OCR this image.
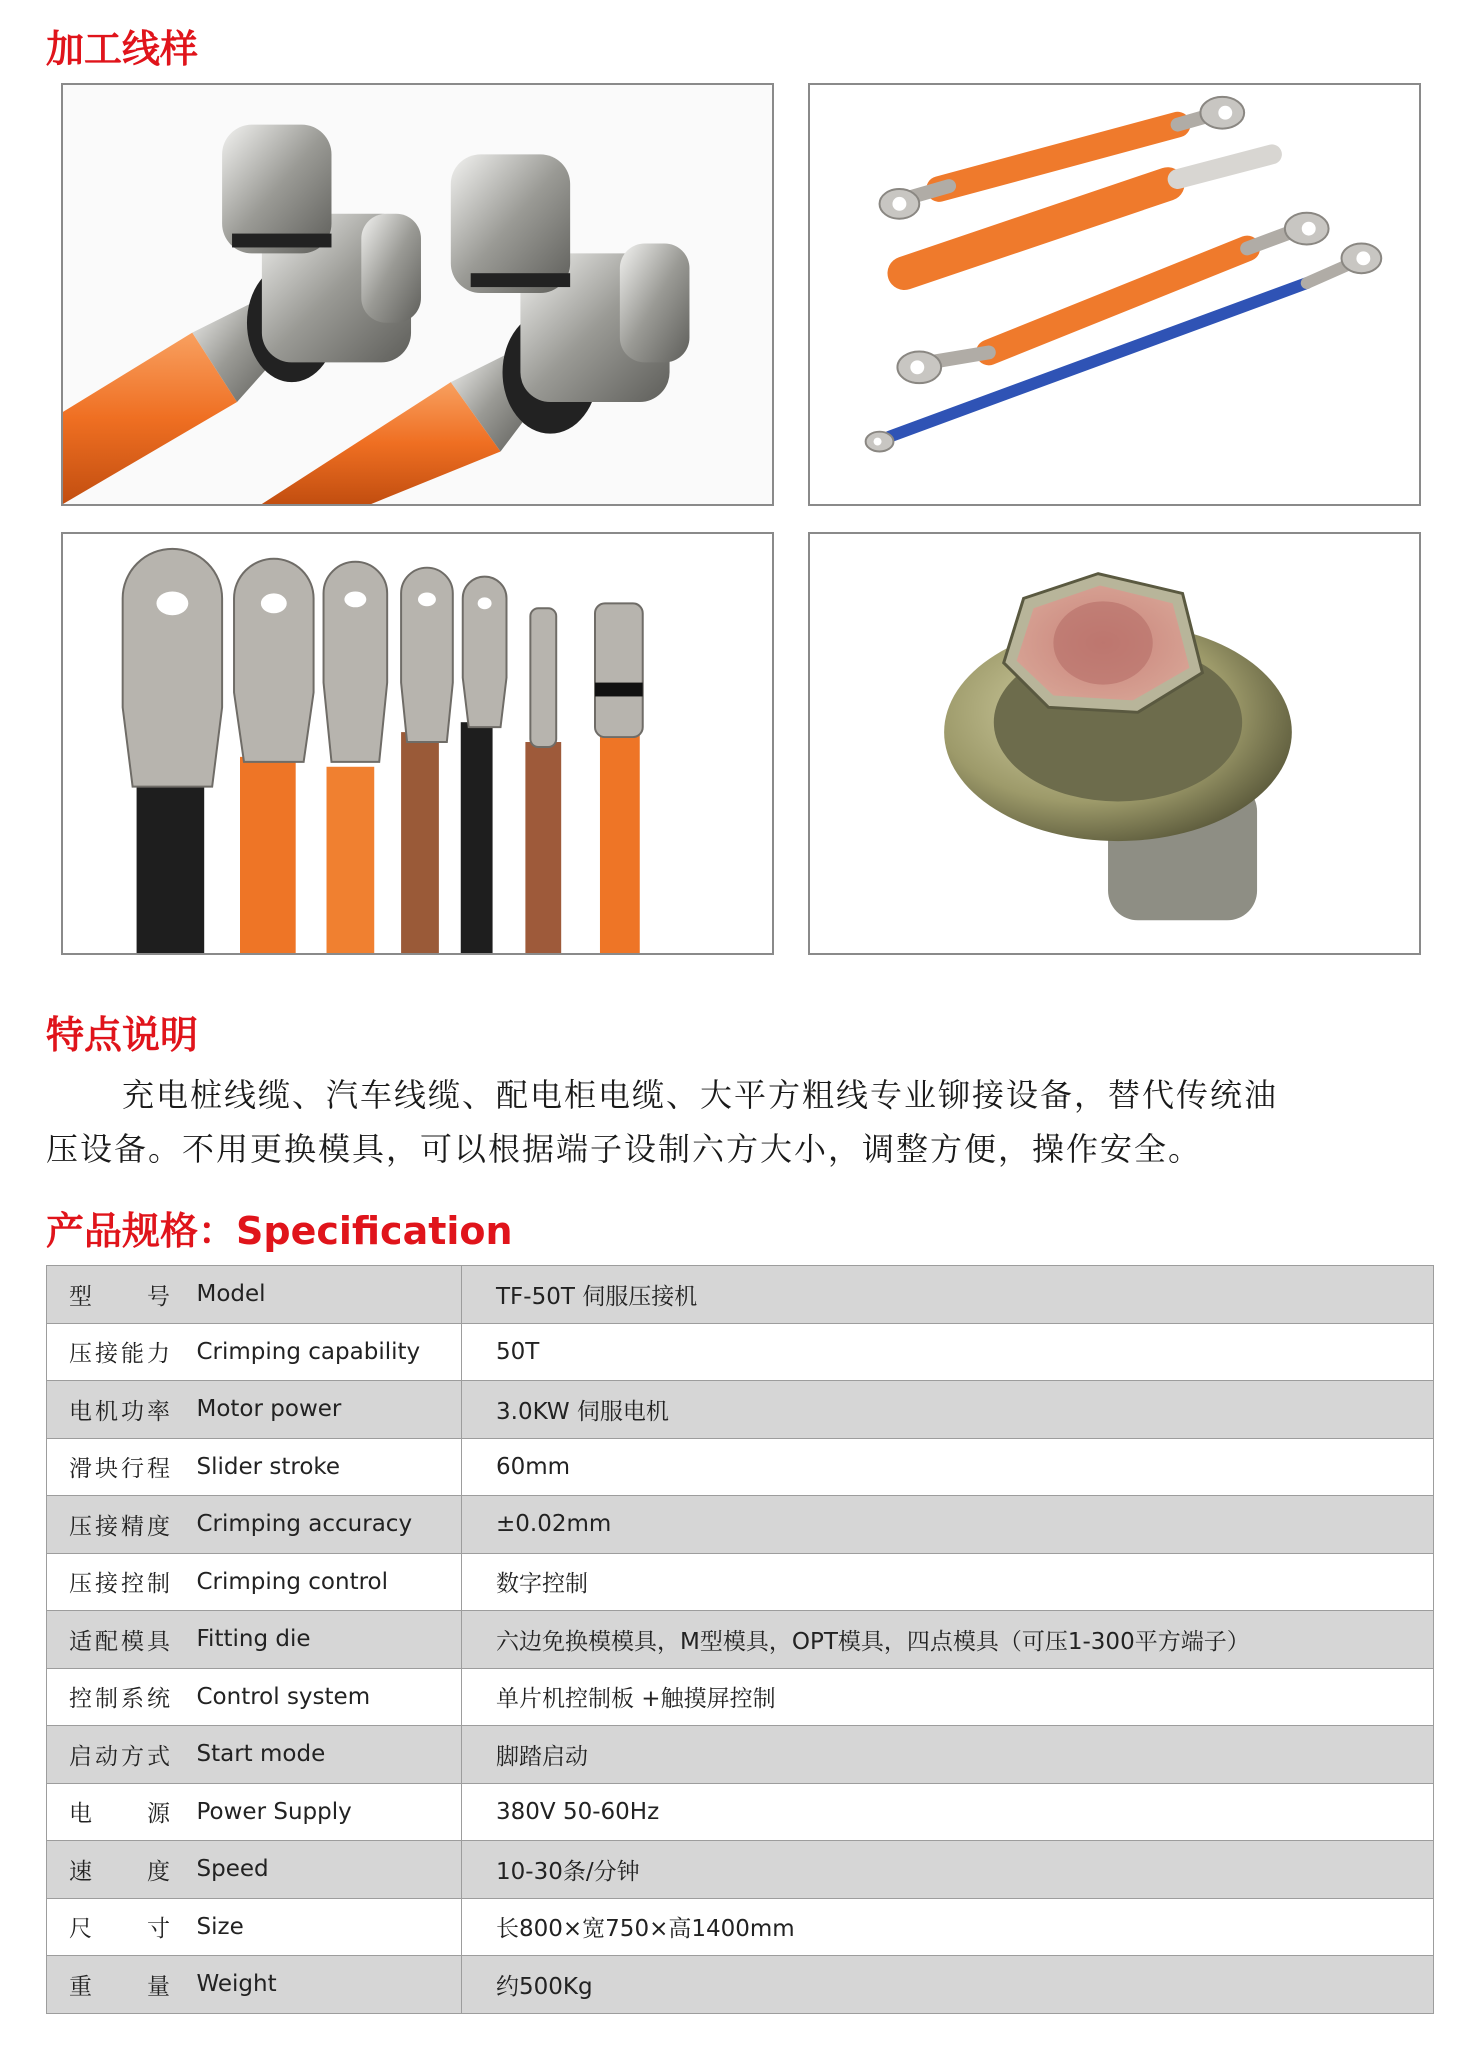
加工线样
特点说明

充电桩线缆、汽车线缆、配电柜电缆、大平方粗线专业铆接设备，替代传统油
压设备。不用更换模具，可以根据端子设制六方大小，调整方便，操作安全。

产品规格：Specification
型　　号	Model	TF-50T 伺服压接机
压接能力	Crimping capability	50T
电机功率	Motor power	3.0KW 伺服电机
滑块行程	Slider stroke	60mm
压接精度	Crimping accuracy	±0.02mm
压接控制	Crimping control	数字控制
适配模具	Fitting die	六边免换模模具，M型模具，OPT模具，四点模具（可压1-300平方端子）
控制系统	Control system	单片机控制板 +触摸屏控制
启动方式	Start mode	脚踏启动
电　　源	Power Supply	380V 50-60Hz
速　　度	Speed	10-30条/分钟
尺　　寸	Size	长800×宽750×高1400mm
重　　量	Weight	约500Kg
